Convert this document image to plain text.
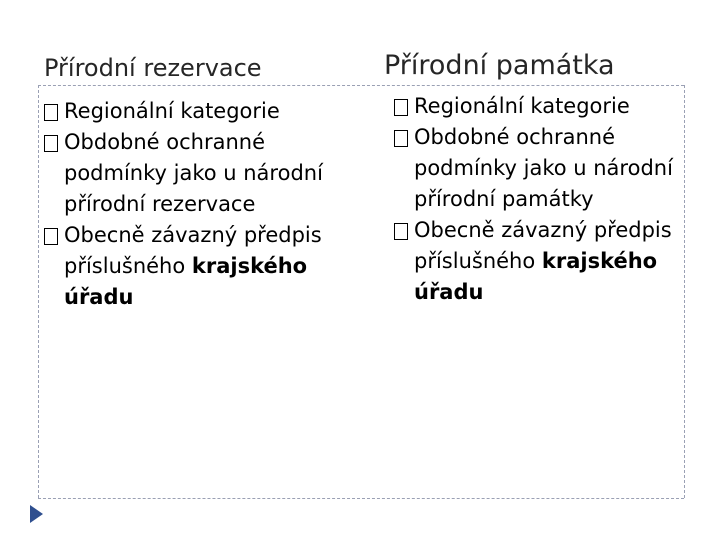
Přírodní rezervace
Regionální kategorie
Obdobné ochranné podmínky jako u národní přírodní rezervace
Obecně závazný předpis příslušného krajského úřadu
Přírodní památka
Regionální kategorie
Obdobné ochranné podmínky jako u národní přírodní památky
Obecně závazný předpis příslušného krajského úřadu
